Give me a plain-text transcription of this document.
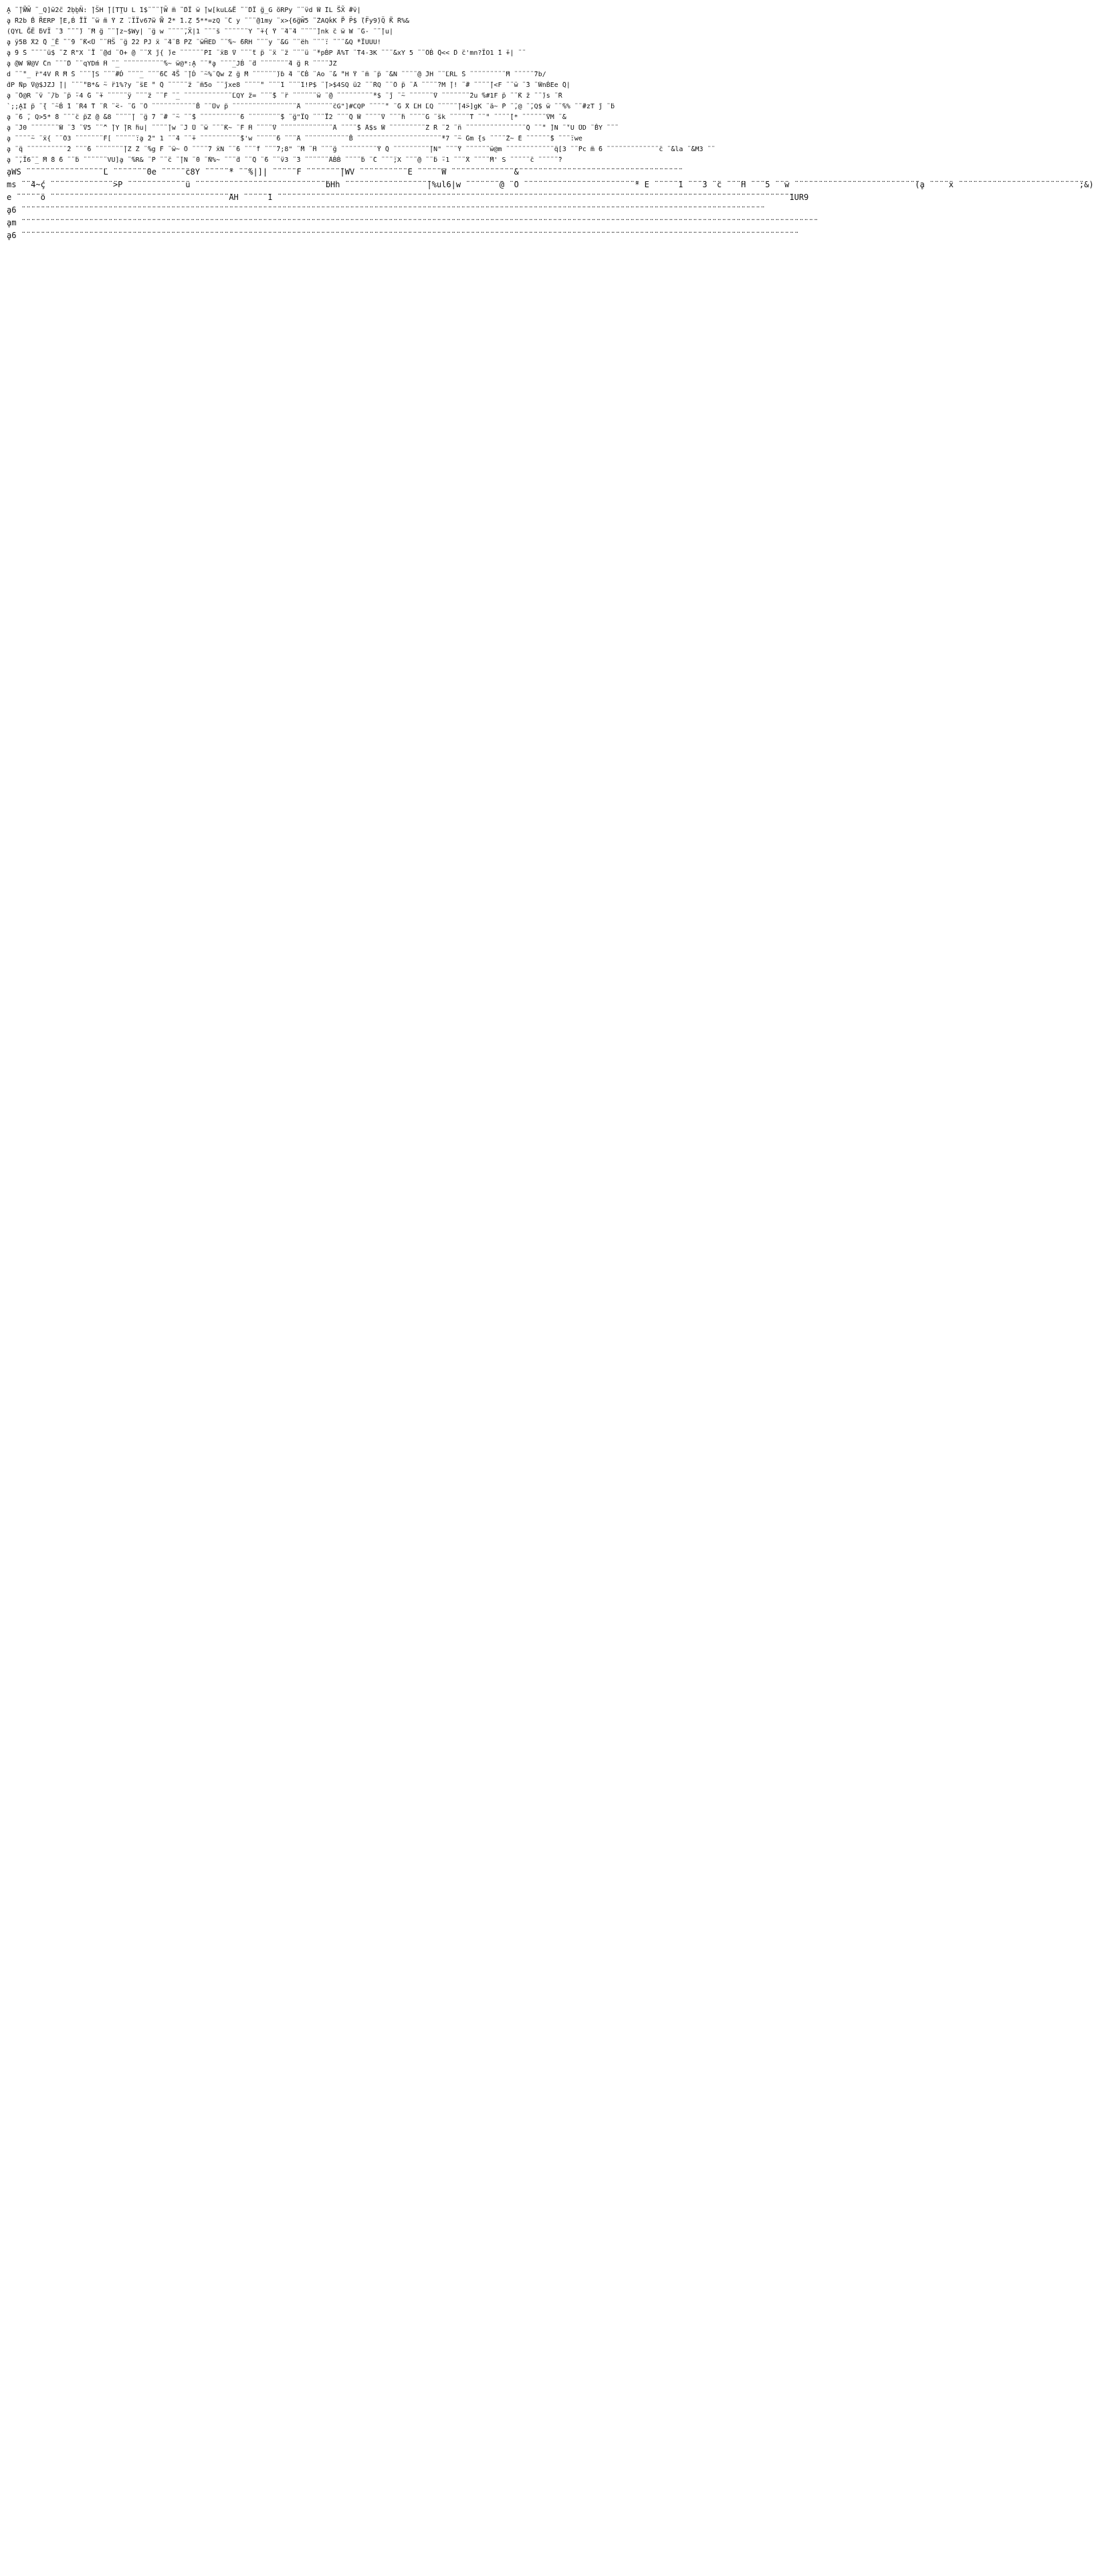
Ḁ ̈̈ ̈|̈W̃W̃ ̈̈ _Q]w̃2c̈̈ ̈2ḅḇN̈: ̈|S̈H ̈|[TṰU L ̈1$̈ ̈̈ ̈ ̈|W̃ ̈m ̈̈̈̈ ̈̈DÏ ̈w ̈|w[kuL&Ë ̈̈ ̈ ̈DÏ ̈g_G ̈̈oRPy ̈ ̈ ̈vd ̈W ̈IL ̈S̈X̃ ̈#v̈|
ḁ ̈̈R2b ̈Ḃ ̈R̈ERP ̈̈|E,Ḃ ̈ÏÏ ̈̈ ̈w ̈̈m ̈Y Z ̈.ÏÏv67̈̈w ̈W̃ ̈2* ̈1.Ẓ ̈5**=zQ ̈ ̈C y ̈ ̈ ̈ ̈@1my ̈ x>{6̈̈gW̃5 ̈̈ ̈ZAQḱK ̈P̈ P̈$ ̈̈̈(F̈y9̈)Q̈ ̈K̈ ̈̈R%&
(QYL ̈̈G̈Ë ̈ḃVÏ ̈ ̈3 ̈̈ ̈̈ ̈̈ ̈̈) ̈ ̈̈M ̈g ̈̈ ̈ ̈|z~$Wy| ̈ ̈g w ̈ ̈ ̈ ̈ ̈,Ẍ|1 ̈ ̈ ̈ ̈s ̈ ̈ ̈ ̈ ̈ ̈ Y ̈̈ ̈+{ ̈Y ̈ ̈4̈̈ ̈4 ̈ ̈ ̈ ̈ ̈]nk ̈c ̈w W ̈ ̈G- ̈ ̈̈ ̈|u|
ḁ ̈y5B ̈̈X2 ̈̈Q ̈_Ê ̈̈ ̈ ̈9 ̈̈ ̈̈K<̈̈U ̈̈ ̈ ̈HS̈ ̈ ̈g ̈22 ̈PJ ̈x ̈ ̈4̈ ̈B ̈PZ ̈ ̈wḦED ̈ ̈ ̈%~ ̈6̈RH ̈ ̈ ̈ y ̈ ̈&G ̈ ̈ ̈eh ̈ ̈ ̈ ̈: ̈̈ ̈ ̈ ̈&Q ̈*ÏUUU!
ḁ ̈̈9 ̈̈S ̈̈ ̈ ̈ ̈ ̈u$ ̈̈ ̈Z ̈R"X ̈ ̈Ï ̈ ̈@d ̈ ̈O+ ̈@ ̈ ̈ ̈X ̈j{ ̈)e ̈ ̈ ̈ ̈ ̈ ̈ ̈PI ̈ ̈xB ̈V ̈ ̈ ̈ ̈t ̈p ̈ ̈x ̈ ̈z ̈ ̈ ̈ ̈u ̈ ̈*pḂP ̈A%T ̈ ̈T4-3K ̈ ̈ ̈ ̈&xY 5 ̈ ̈ ̈OḂ ̈Q<< ̈D ̈c'mn?ÏO1 ̈1 ̈+| ̈ ̈
ḁ ̈@W ̈W@V ̈Cn ̈ ̈ ̈ ̈D ̈ ̈ qYDḿ ̈H ̈ ̈_ ̈ ̈ ̈ ̈ ̈ ̈ ̈ ̈ ̈ ̈ ̈%~ ̈w@*:Ḁ ̈ ̈ ̈*ḁ ̈ ̈ ̈ ̈_JḂ ̈ ̈d ̈ ̈ ̈ ̈ ̈ ̈ ̈ ̈4 ̈g R ̈ ̈ ̈ ̈ ̈JZ
d ̈ ̈ ̈"_ ̈r"4V ̈R ̈M ̈S ̈ ̈ ̈ ̈|S ̈ ̈ ̈ ̈#Ḋ ̈ ̈ ̈ ̈_ ̈ ̈ ̈ ̈6̈C ̈4̈S̈ ̈ ̈|Ḋ ̈ ̈~%̈ ̈Qw Z ̈g ̈M ̈ ̈ ̈ ̈ ̈ ̈ ̈)ḃ ̈4 ̈ ̈CḂ ̈ Ao ̈ ̈& ̈"H ̈Y ̈ ̈m ̈ ̈p ̈ ̈&N ̈ ̈ ̈ ̈ ̈@ ̈JH ̈ ̈ ̈LRL ̈S ̈ ̈ ̈ ̈ ̈ ̈ ̈ ̈ ̈ ̈M ̈ ̈ ̈ ̈ ̈ ̈7b/
ḋP ̈Np ̈V@$JZJ ̈|| ̈ ̈ ̈ ̈"B*& ̈~ ̈r1%?y ̈ ̈sE ̈" ̈Q ̈ ̈ ̈ ̈ ̈ ̈z ̈ ̈m5o ̈ ̈ ̈jxe8 ̈ ̈ ̈ ̈ ̈" ̈ ̈ ̈ ̈1 ̈ ̈ ̈ ̈1!P$ ̈ ̈|>$4SQ ̈u2 ̈ ̈ ̈RQ ̈ ̈ ̈O ̈p ̈ ̈A ̈ ̈ ̈ ̈ ̈?M ̈|! ̈ ̈# ̈ ̈ ̈ ̈ ̈|<F ̈ ̈ ̈w ̈ ̈3 ̈ ̈WnḂEe ̈Q|
ḁ ̈ ̈O@R ̈ ̈v ̈ ̈/b ̈ ̈p ̈-4 ̈G ̈ ̈+ ̈ ̈ ̈ ̈ ̈ ̈y ̈ ̈ ̈ ̈z ̈ ̈ ̈F ̈ ̈_ ̈ ̈ ̈ ̈ ̈ ̈ ̈ ̈ ̈ ̈ ̈ ̈ ̈LQY ̈z= ̈ ̈ ̈ ̈$ ̈ ̈r ̈ ̈ ̈ ̈ ̈ ̈ ̈w ̈ ̈@ ̈ ̈ ̈ ̈ ̈ ̈ ̈ ̈ ̈ ̈*$ ̈ ̈j ̈ ̈~ ̈ ̈ ̈ ̈ ̈ ̈ ̈V ̈ ̈ ̈ ̈ ̈ ̈ ̈ ̈2u ̈%#1F ̈p ̈ ̈ ̈K ̈z ̈ ̈ ̈)s ̈ ̈R
`;;ḀI ̈p ̈ ̈{ ̈ ̈~Ḃ ̈1 ̈ ̈R4 ̈T ̈ ̈R ̈ ̈<- ̈ ̈G ̈ ̈O ̈ ̈ ̈ ̈ ̈ ̈ ̈ ̈ ̈ ̈ ̈ ̈Ḃ ̈ ̈ ̈Uv ̈p ̈ ̈ ̈ ̈ ̈ ̈ ̈ ̈ ̈ ̈ ̈ ̈ ̈ ̈ ̈ ̈ ̈A ̈ ̈ ̈ ̈ ̈ ̈ ̈ ̈cG"]#CQP ̈ ̈ ̈ ̈ ̈" ̈ ̈G ̈X ̈LH ̈LQ ̈ ̈ ̈ ̈ ̈ ̈|4̈>]gK ̈ ̈a~ ̈P ̈ ̈,@ ̈ ̈,Q$ ̈w ̈ ̈ ̈%% ̈ ̈ ̈#zT ̈j ̈ ̈b
ḁ ̈ ̈6 ̈, Q>5* ̈8 ̈ ̈ ̈ ̈c ̈pZ ̈@ ̈&8 ̈ ̈ ̈ ̈ ̈| ̈ ̈g ̈7 ̈ ̈# ̈ ̈~ ̈ ̈ ̈$ ̈ ̈ ̈ ̈ ̈ ̈ ̈ ̈ ̈ ̈ ̈6 ̈ ̈ ̈ ̈ ̈ ̈ ̈ ̈ ̈$ ̈ ̈g"ÏQ ̈ ̈ ̈ ̈Ï2 ̈ ̈ ̈ ̈Q ̈W ̈ ̈ ̈ ̈ ̈V ̈ ̈ ̈ ̈h ̈ ̈ ̈ ̈ ̈G ̈ ̈sk ̈ ̈ ̈ ̈ ̈ ̈T ̈ ̈ ̈" ̈ ̈ ̈ ̈ ̈[* ̈ ̈ ̈ ̈ ̈ ̈ ̈VM ̈ ̈&
ḁ ̈ ̈J0 ̈ ̈ ̈ ̈ ̈ ̈ ̈ ̈W ̈ ̈3 ̈ ̈V5 ̈ ̈ ̈^ ̈|Y ̈|R ̈hu| ̈ ̈ ̈ ̈ ̈|w ̈ ̈J ̈U ̈ ̈w ̈ ̈ ̈ ̈K~ ̈ ̈F ̈H ̈ ̈ ̈ ̈ ̈V ̈ ̈ ̈ ̈ ̈ ̈ ̈ ̈ ̈ ̈ ̈ ̈ ̈ ̈A ̈ ̈ ̈ ̈ ̈$ ̈A$s ̈W ̈ ̈ ̈ ̈ ̈ ̈ ̈ ̈ ̈ ̈Z ̈R ̈ ̈2 ̈ ̈n ̈ ̈ ̈ ̈ ̈ ̈ ̈ ̈ ̈ ̈ ̈ ̈ ̈ ̈ ̈ ̈Q ̈ ̈ ̈" ̈]N ̈ ̈'U ̈UD ̈ ̈ḂY ̈ ̈ ̈
ḁ ̈ ̈ ̈ ̈ ̈~ ̈ ̈x{ ̈ ̈ ̈O3 ̈ ̈ ̈ ̈ ̈ ̈ ̈ ̈F[ ̈ ̈ ̈ ̈ ̈ ̈:ḁ ̈2" 1 ̈ ̈ ̈4 ̈ ̈ ̈+ ̈ ̈ ̈ ̈ ̈ ̈ ̈ ̈ ̈ ̈ ̈$'w ̈ ̈ ̈ ̈ ̈ ̈6 ̈ ̈ ̈ ̈A ̈ ̈ ̈ ̈ ̈ ̈ ̈ ̈ ̈ ̈ ̈ ̈Ḃ ̈ ̈ ̈ ̈ ̈ ̈ ̈ ̈ ̈ ̈ ̈ ̈ ̈ ̈ ̈ ̈ ̈ ̈ ̈ ̈ ̈ ̈*7 ̈ ̈~ ̈Gm ̈{s ̈ ̈ ̈ ̈ ̈Z~ ̈E ̈ ̈ ̈ ̈ ̈ ̈ ̈$ ̈ ̈ ̈ ̈:we
ḁ ̈ ̈q ̈ ̈ ̈ ̈ ̈ ̈ ̈ ̈ ̈ ̈ ̈2 ̈ ̈ ̈ ̈6 ̈ ̈ ̈ ̈ ̈ ̈ ̈ ̈|Z ̈Z ̈ ̈%g ̈F ̈ ̈w~ ̈O ̈ ̈ ̈ ̈ ̈7 ̈xN ̈ ̈ ̈6 ̈ ̈ ̈ ̈f ̈ ̈ ̈ ̈7;8" ̈ ̈M ̈ ̈H ̈ ̈ ̈ ̈g ̈ ̈ ̈ ̈ ̈ ̈ ̈ ̈ ̈ ̈Y ̈Q ̈ ̈ ̈ ̈ ̈ ̈ ̈ ̈ ̈ ̈|N" ̈ ̈ ̈ ̈Y ̈ ̈ ̈ ̈ ̈ ̈ ̈w@m ̈ ̈ ̈ ̈ ̈ ̈ ̈ ̈ ̈ ̈ ̈ ̈ ̈q[3 ̈ ̈ ̈Pc ̈m ̈6 ̈ ̈ ̈ ̈ ̈ ̈ ̈ ̈ ̈ ̈ ̈ ̈ ̈ ̈c ̈ ̈&la ̈ ̈&M3 ̈ ̈
ḁ ̈ ̈,Ï6̈ ̈_ ̈M ̈8 ̈6 ̈ ̈ ̈b ̈ ̈ ̈ ̈ ̈ ̈ VU]ḁ ̈ ̈%R& ̈ ̈P ̈ ̈ ̈c ̈ ̈|N ̈ ̈0 ̈ ̈N%~ ̈ ̈ ̈ ̈d ̈ ̈ ̈Q ̈ ̈6 ̈ ̈ ̈v3 ̈ ̈3 ̈ ̈ ̈ ̈ ̈ ̈ ̈AḂḂ ̈ ̈ ̈ ̈ ̈b ̈ ̈C ̈ ̈ ̈ ̈;X ̈ ̈ ̈ ̈@ ̈ ̈ ̈b ̈-1 ̈ ̈ ̈ ̈X ̈ ̈ ̈ ̈ ̈M' S ̈ ̈ ̈ ̈ ̈ ̈c ̈ ̈ ̈ ̈ ̈ ̈?
ḁWS ̈ ̈ ̈ ̈ ̈ ̈ ̈ ̈ ̈ ̈ ̈ ̈ ̈ ̈ ̈ ̈ ̈L ̈ ̈ ̈ ̈ ̈ ̈ ̈ ̈0e ̈ ̈ ̈ ̈ ̈ ̈c8Y ̈ ̈ ̈ ̈ ̈ ̈* ̈ ̈ ̈%|]| ̈ ̈ ̈ ̈ ̈ ̈F ̈ ̈ ̈ ̈ ̈ ̈ ̈ ̈|WV ̈ ̈ ̈ ̈ ̈ ̈ ̈ ̈ ̈ ̈ ̈E ̈ ̈ ̈ ̈ ̈ ̈W ̈ ̈ ̈ ̈ ̈ ̈ ̈ ̈ ̈ ̈ ̈ ̈ ̈ ̈&̈ ̈ ̈ ̈ ̈ ̈ ̈ ̈ ̈ ̈ ̈ ̈ ̈ ̈ ̈ ̈ ̈ ̈ ̈ ̈ ̈ ̈ ̈ ̈ ̈ ̈ ̈ ̈ ̈ ̈ ̈ ̈ ̈ ̈
ms ̈ ̈ ̈4~ḉ ̈ ̈ ̈ ̈ ̈ ̈ ̈ ̈ ̈ ̈ ̈ ̈ ̈ ̈>P ̈ ̈ ̈ ̈ ̈ ̈ ̈ ̈ ̈ ̈ ̈ ̈ ̈u ̈ ̈ ̈ ̈ ̈ ̈ ̈ ̈ ̈ ̈ ̈ ̈ ̈ ̈ ̈ ̈ ̈ ̈ ̈ ̈ ̈ ̈ ̈ ̈ ̈ ̈ ̈ ̈bHh ̈ ̈ ̈ ̈ ̈ ̈ ̈ ̈ ̈ ̈ ̈ ̈ ̈ ̈ ̈ ̈ ̈ ̈|%ul6|w ̈ ̈ ̈ ̈ ̈ ̈ ̈ ̈@ ̈ ̈O ̈ ̈ ̈ ̈ ̈ ̈ ̈ ̈ ̈ ̈ ̈ ̈ ̈ ̈ ̈ ̈ ̈ ̈ ̈ ̈ ̈ ̈ ̈ ̈* E ̈ ̈ ̈ ̈ ̈ ̈1 ̈ ̈ ̈ ̈3 ̈ ̈c ̈ ̈ ̈ ̈H ̈ ̈ ̈ ̈5 ̈ ̈ ̈w ̈ ̈ ̈ ̈ ̈ ̈ ̈ ̈ ̈ ̈ ̈ ̈ ̈ ̈ ̈ ̈ ̈ ̈ ̈ ̈ ̈ ̈ ̈ ̈ ̈ ̈(ḁ ̈ ̈ ̈ ̈ ̈x ̈ ̈ ̈ ̈ ̈ ̈ ̈ ̈ ̈ ̈ ̈ ̈ ̈ ̈ ̈ ̈ ̈ ̈ ̈ ̈ ̈ ̈ ̈ ̈ ̈ ̈;&)
e ̈ ̈ ̈ ̈ ̈ ̈o ̈ ̈ ̈ ̈ ̈ ̈ ̈ ̈ ̈ ̈ ̈ ̈ ̈ ̈ ̈ ̈ ̈ ̈ ̈ ̈ ̈ ̈ ̈ ̈ ̈ ̈ ̈ ̈ ̈ ̈ ̈ ̈ ̈ ̈ ̈ ̈ ̈ ̈AH ̈ ̈ ̈ ̈ ̈ ̈1 ̈ ̈ ̈ ̈ ̈ ̈ ̈ ̈ ̈ ̈ ̈ ̈ ̈ ̈ ̈ ̈ ̈ ̈ ̈ ̈ ̈ ̈ ̈ ̈ ̈ ̈ ̈ ̈ ̈ ̈ ̈ ̈ ̈ ̈ ̈ ̈ ̈ ̈ ̈ ̈ ̈ ̈ ̈ ̈ ̈ ̈ ̈ ̈ ̈ ̈ ̈ ̈ ̈ ̈ ̈ ̈ ̈ ̈ ̈ ̈ ̈ ̈ ̈ ̈ ̈ ̈ ̈ ̈ ̈ ̈ ̈ ̈ ̈ ̈ ̈ ̈ ̈ ̈ ̈ ̈ ̈ ̈ ̈ ̈ ̈ ̈ ̈ ̈ ̈ ̈ ̈ ̈ ̈ ̈ ̈ ̈ ̈ ̈ ̈ ̈ ̈ ̈ ̈ ̈ ̈ ̈ ̈1UR9
ḁ6 ̈ ̈ ̈ ̈ ̈ ̈ ̈ ̈ ̈ ̈ ̈ ̈ ̈ ̈ ̈ ̈ ̈ ̈ ̈ ̈ ̈ ̈ ̈ ̈ ̈ ̈ ̈ ̈ ̈ ̈ ̈ ̈ ̈ ̈ ̈ ̈ ̈ ̈ ̈ ̈ ̈ ̈ ̈ ̈ ̈ ̈ ̈ ̈ ̈ ̈ ̈ ̈ ̈ ̈ ̈ ̈ ̈ ̈ ̈ ̈ ̈ ̈ ̈ ̈ ̈ ̈ ̈ ̈ ̈ ̈ ̈ ̈ ̈ ̈ ̈ ̈ ̈ ̈ ̈ ̈ ̈ ̈ ̈ ̈ ̈ ̈ ̈ ̈ ̈ ̈ ̈ ̈ ̈ ̈ ̈ ̈ ̈ ̈ ̈ ̈ ̈ ̈ ̈ ̈ ̈ ̈ ̈ ̈ ̈ ̈ ̈ ̈ ̈ ̈ ̈ ̈ ̈ ̈ ̈ ̈ ̈ ̈ ̈ ̈ ̈ ̈ ̈ ̈ ̈ ̈ ̈ ̈ ̈ ̈ ̈ ̈ ̈ ̈ ̈ ̈ ̈ ̈ ̈ ̈ ̈ ̈ ̈ ̈ ̈ ̈ ̈ ̈ ̈ ̈
ḁm ̈ ̈ ̈ ̈ ̈ ̈ ̈ ̈ ̈ ̈ ̈ ̈ ̈ ̈ ̈ ̈ ̈ ̈ ̈ ̈ ̈ ̈ ̈ ̈ ̈ ̈ ̈ ̈ ̈ ̈ ̈ ̈ ̈ ̈ ̈ ̈ ̈ ̈ ̈ ̈ ̈ ̈ ̈ ̈ ̈ ̈ ̈ ̈ ̈ ̈ ̈ ̈ ̈ ̈ ̈ ̈ ̈ ̈ ̈ ̈ ̈ ̈ ̈ ̈ ̈ ̈ ̈ ̈ ̈ ̈ ̈ ̈ ̈ ̈ ̈ ̈ ̈ ̈ ̈ ̈ ̈ ̈ ̈ ̈ ̈ ̈ ̈ ̈ ̈ ̈ ̈ ̈ ̈ ̈ ̈ ̈ ̈ ̈ ̈ ̈ ̈ ̈ ̈ ̈ ̈ ̈ ̈ ̈ ̈ ̈ ̈ ̈ ̈ ̈ ̈ ̈ ̈ ̈ ̈ ̈ ̈ ̈ ̈ ̈ ̈ ̈ ̈ ̈ ̈ ̈ ̈ ̈ ̈ ̈ ̈ ̈ ̈ ̈ ̈ ̈ ̈ ̈ ̈ ̈ ̈ ̈ ̈ ̈ ̈ ̈ ̈ ̈ ̈ ̈ ̈ ̈ ̈ ̈ ̈ ̈ ̈ ̈ ̈ ̈ ̈
ḁ6 ̈ ̈ ̈ ̈ ̈ ̈ ̈ ̈ ̈ ̈ ̈ ̈ ̈ ̈ ̈ ̈ ̈ ̈ ̈ ̈ ̈ ̈ ̈ ̈ ̈ ̈ ̈ ̈ ̈ ̈ ̈ ̈ ̈ ̈ ̈ ̈ ̈ ̈ ̈ ̈ ̈ ̈ ̈ ̈ ̈ ̈ ̈ ̈ ̈ ̈ ̈ ̈ ̈ ̈ ̈ ̈ ̈ ̈ ̈ ̈ ̈ ̈ ̈ ̈ ̈ ̈ ̈ ̈ ̈ ̈ ̈ ̈ ̈ ̈ ̈ ̈ ̈ ̈ ̈ ̈ ̈ ̈ ̈ ̈ ̈ ̈ ̈ ̈ ̈ ̈ ̈ ̈ ̈ ̈ ̈ ̈ ̈ ̈ ̈ ̈ ̈ ̈ ̈ ̈ ̈ ̈ ̈ ̈ ̈ ̈ ̈ ̈ ̈ ̈ ̈ ̈ ̈ ̈ ̈ ̈ ̈ ̈ ̈ ̈ ̈ ̈ ̈ ̈ ̈ ̈ ̈ ̈ ̈ ̈ ̈ ̈ ̈ ̈ ̈ ̈ ̈ ̈ ̈ ̈ ̈ ̈ ̈ ̈ ̈ ̈ ̈ ̈ ̈ ̈ ̈ ̈ ̈ ̈ ̈ ̈ ̈
